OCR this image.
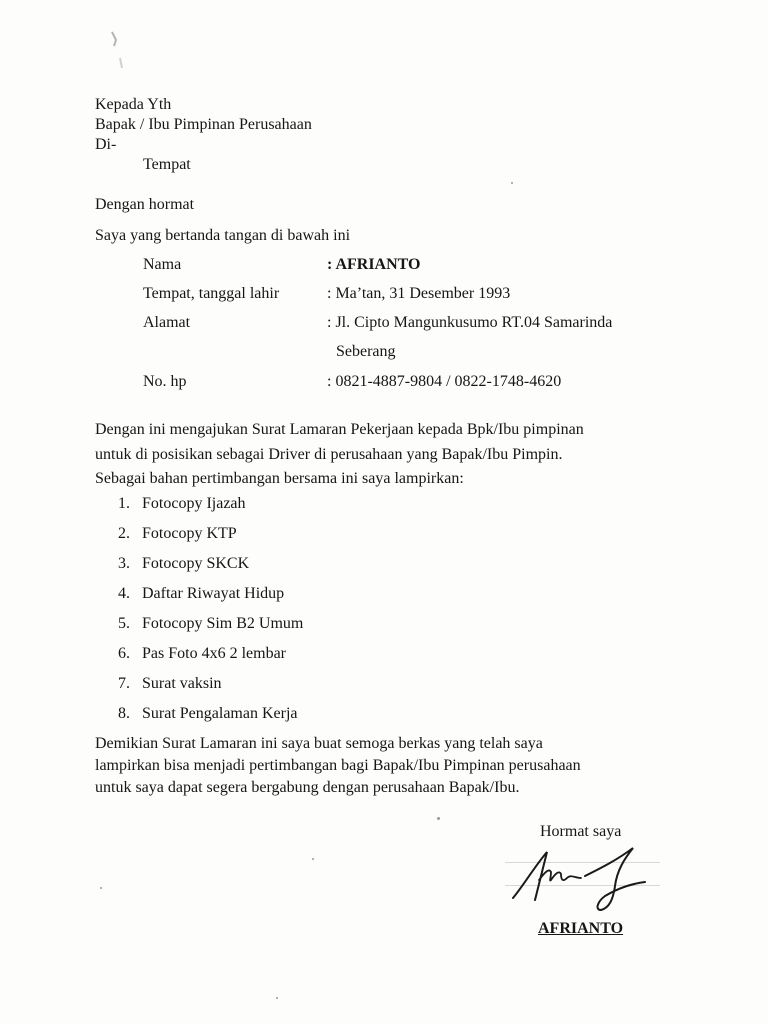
Kepada Yth
Bapak / Ibu Pimpinan Perusahaan
Di-
Tempat
Dengan hormat
Saya yang bertanda tangan di bawah ini
Nama	: AFRIANTO
Tempat, tanggal lahir	: Ma’tan, 31 Desember 1993
Alamat	: Jl. Cipto Mangunkusumo RT.04 Samarinda
Seberang
No. hp	: 0821-4887-9804 / 0822-1748-4620
Dengan ini mengajukan Surat Lamaran Pekerjaan kepada Bpk/Ibu pimpinan
untuk di posisikan sebagai Driver di perusahaan yang Bapak/Ibu Pimpin.
Sebagai bahan pertimbangan bersama ini saya lampirkan:
1. Fotocopy Ijazah
2. Fotocopy KTP
3. Fotocopy SKCK
4. Daftar Riwayat Hidup
5. Fotocopy Sim B2 Umum
6. Pas Foto 4x6 2 lembar
7. Surat vaksin
8. Surat Pengalaman Kerja
Demikian Surat Lamaran ini saya buat semoga berkas yang telah saya
lampirkan bisa menjadi pertimbangan bagi Bapak/Ibu Pimpinan perusahaan
untuk saya dapat segera bergabung dengan perusahaan Bapak/Ibu.
Hormat saya
AFRIANTO
